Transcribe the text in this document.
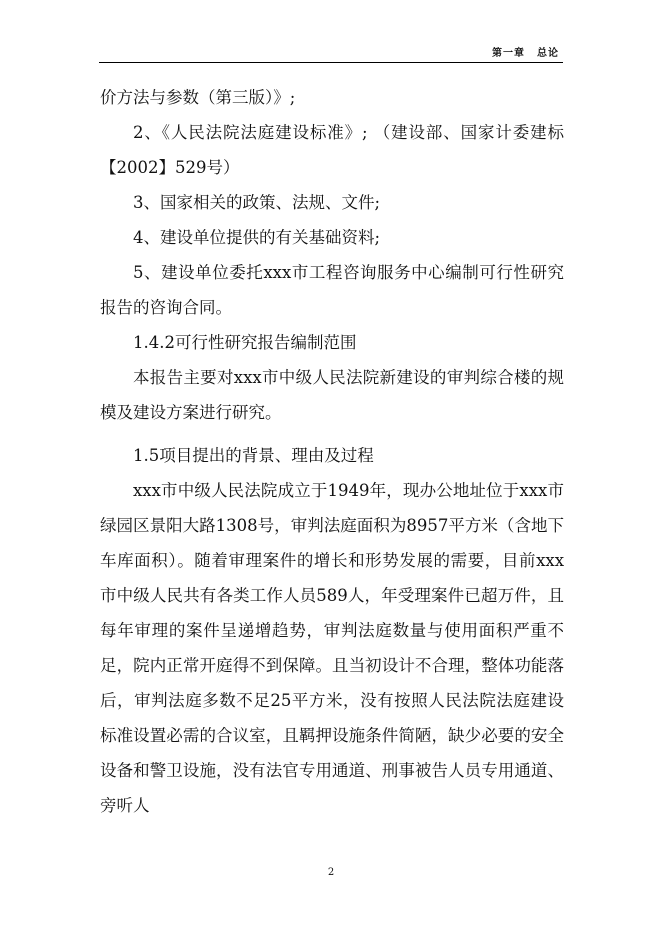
第一章 总论

价方法与参数（第三版）》;

2、《人民法院法庭建设标准》; （建设部、国家计委建标【2002】529号）

3、国家相关的政策、法规、文件;

4、建设单位提供的有关基础资料;

5、建设单位委托xxx市工程咨询服务中心编制可行性研究报告的咨询合同。

1.4.2可行性研究报告编制范围

本报告主要对xxx市中级人民法院新建设的审判综合楼的规模及建设方案进行研究。

1.5项目提出的背景、理由及过程

xxx市中级人民法院成立于1949年，现办公地址位于xxx市绿园区景阳大路1308号，审判法庭面积为8957平方米（含地下车库面积）。随着审理案件的增长和形势发展的需要，目前xxx市中级人民共有各类工作人员589人，年受理案件已超万件，且每年审理的案件呈递增趋势，审判法庭数量与使用面积严重不足，院内正常开庭得不到保障。且当初设计不合理，整体功能落后，审判法庭多数不足25平方米，没有按照人民法院法庭建设标准设置必需的合议室，且羁押设施条件简陋，缺少必要的安全设备和警卫设施，没有法官专用通道、刑事被告人员专用通道、旁听人

2
